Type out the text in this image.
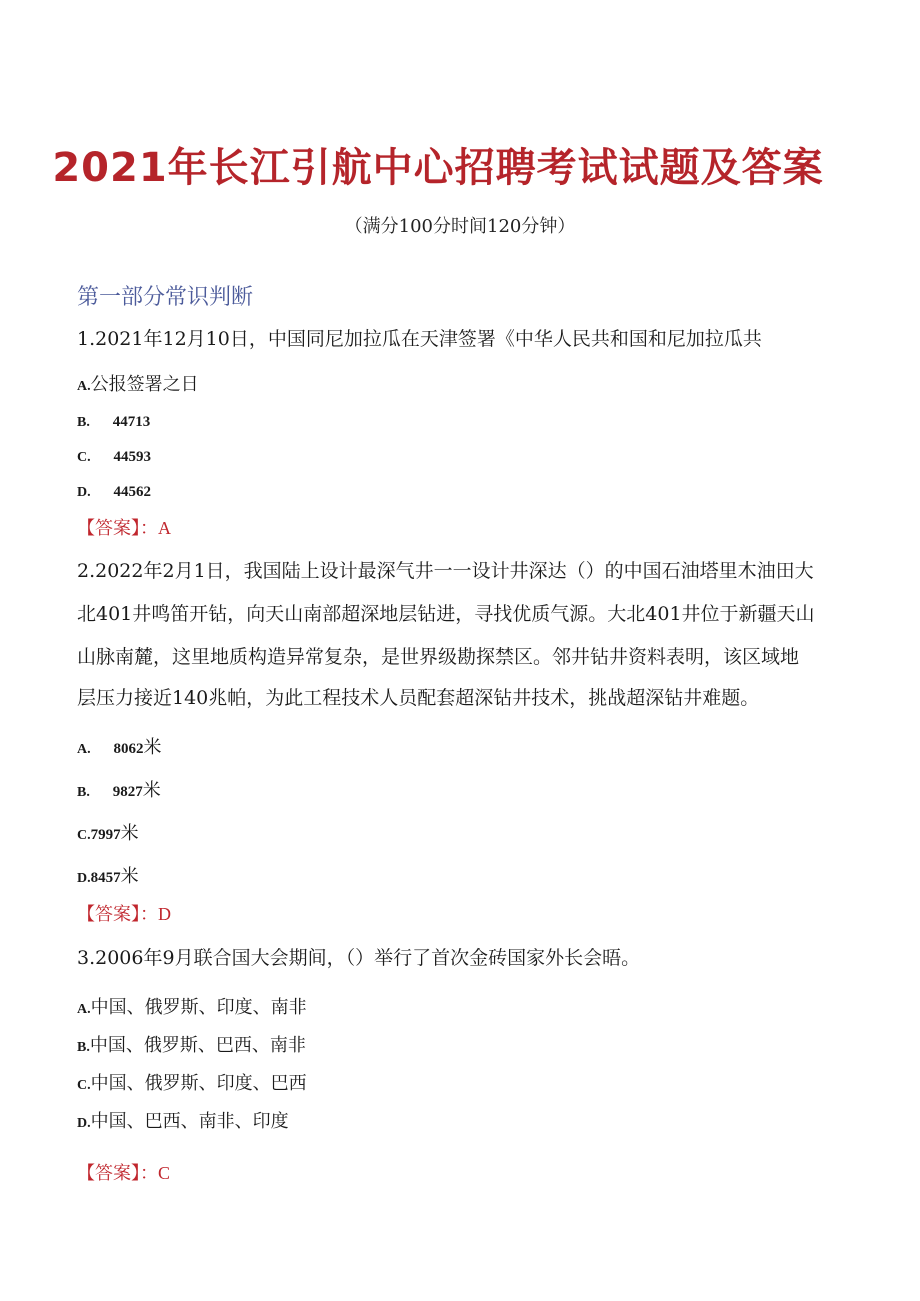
2021年长江引航中心招聘考试试题及答案
（满分100分时间120分钟）
第一部分常识判断
1.2021年12月10日，中国同尼加拉瓜在天津签署《中华人民共和国和尼加拉瓜共
A.公报签署之日
B. 44713
C. 44593
D. 44562
【答案】：A
2.2022年2月1日，我国陆上设计最深气井一一设计井深达（）的中国石油塔里木油田大
北401井鸣笛开钻，向天山南部超深地层钻进，寻找优质气源。大北401井位于新疆天山
山脉南麓，这里地质构造异常复杂，是世界级勘探禁区。邻井钻井资料表明，该区域地
层压力接近140兆帕，为此工程技术人员配套超深钻井技术，挑战超深钻井难题。
A. 8062米
B. 9827米
C.7997米
D.8457米
【答案】：D
3.2006年9月联合国大会期间，（）举行了首次金砖国家外长会晤。
A.中国、俄罗斯、印度、南非
B.中国、俄罗斯、巴西、南非
C.中国、俄罗斯、印度、巴西
D.中国、巴西、南非、印度
【答案】：C
